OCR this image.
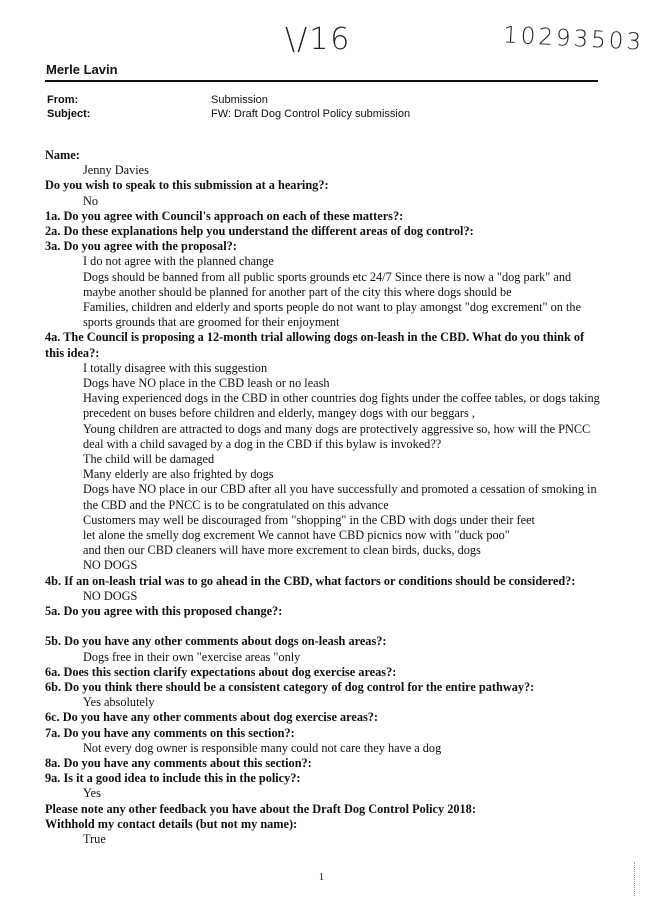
\/16	10293503
Merle Lavin
From:	Submission
Subject:	FW: Draft Dog Control Policy submission
Name:
Jenny Davies
Do you wish to speak to this submission at a hearing?:
No
1a. Do you agree with Council's approach on each of these matters?:
2a. Do these explanations help you understand the different areas of dog control?:
3a. Do you agree with the proposal?:
I do not agree with the planned change
Dogs should be banned from all public sports grounds etc 24/7 Since there is now a "dog park" and maybe another should be planned for another part of the city this where dogs should be
Families, children and elderly and sports people do not want to play amongst "dog excrement" on the sports grounds that are groomed for their enjoyment
4a. The Council is proposing a 12-month trial allowing dogs on-leash in the CBD. What do you think of this idea?:
I totally disagree with this suggestion
Dogs have NO place in the CBD leash or no leash
Having experienced dogs in the CBD in other countries dog fights under the coffee tables, or dogs taking precedent on buses before children and elderly, mangey dogs with our beggars ,
Young children are attracted to dogs and many dogs are protectively aggressive so, how will the PNCC deal with a child savaged by a dog in the CBD if this bylaw is invoked??
The child will be damaged
Many elderly are also frighted by dogs
Dogs have NO place in our CBD after all you have successfully and promoted a cessation of smoking in the CBD and the PNCC is to be congratulated on this advance
Customers may well be discouraged from "shopping" in the CBD with dogs under their feet
let alone the smelly dog excrement We cannot have CBD picnics now with "duck poo"
and then our CBD cleaners will have more excrement to clean birds, ducks, dogs
NO DOGS
4b. If an on-leash trial was to go ahead in the CBD, what factors or conditions should be considered?:
NO DOGS
5a. Do you agree with this proposed change?:
5b. Do you have any other comments about dogs on-leash areas?:
Dogs free in their own "exercise areas "only
6a. Does this section clarify expectations about dog exercise areas?:
6b. Do you think there should be a consistent category of dog control for the entire pathway?:
Yes absolutely
6c. Do you have any other comments about dog exercise areas?:
7a. Do you have any comments on this section?:
Not every dog owner is responsible many could not care they have a dog
8a. Do you have any comments about this section?:
9a. Is it a good idea to include this in the policy?:
Yes
Please note any other feedback you have about the Draft Dog Control Policy 2018:
Withhold my contact details (but not my name):
True
1
